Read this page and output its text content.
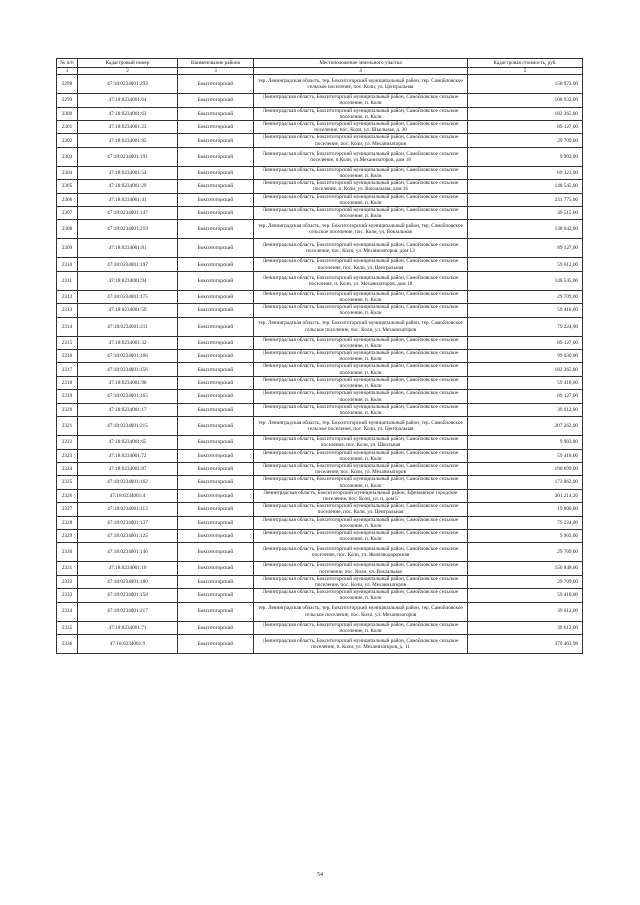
№ п/п	Кадастровый номер	Наименование района	Местоположение земельного участка	Кадастровая стоимость, руб.
1	2	3	4	5
2298	47:18:0234001:293	Бокситогорский	тер. Ленинградская область, тер. Бокситогорский муниципальный район, тер. Самойловское сельское поселение, пос. Коли, ул. Центральная	158 973,00
2299	47:18:0234001:64	Бокситогорский	Ленинградская область, Бокситогорский муниципальный район, Самойловское сельское поселение, п. Коли	108 933,00
2300	47:18:0234001:63	Бокситогорский	Ленинградская область, Бокситогорский муниципальный район, Самойловское сельское поселение, п. Коли	182 365,00
2301	47:18:0234001:23	Бокситогорский	Ленинградская область, Бокситогорский муниципальный район, Самойловское сельское поселение, пос. Коли, ул. Школьная, д. 30	89 127,00
2302	47:18:0234001:95	Бокситогорский	Ленинградская область, Бокситогорский муниципальный район, Самойловское сельское поселение, пос. Коли, ул. Механизаторов	29 709,00
2303	47:18:0234001:191	Бокситогорский	Ленинградская область, Бокситогорский муниципальный район, Самойловское сельское поселение, п.Коли, ул.Механизаторов, дом 18	9 903,00
2304	47:18:0234001:54	Бокситогорский	Ленинградская область, Бокситогорский муниципальный район, Самойловское сельское поселение, п. Коли	69 321,00
2305	47:18:0234001:29	Бокситогорский	Ленинградская область, Бокситогорский муниципальный район, Самойловское сельское поселение, п. Коли, ул. Вокзальная, дом 16	148 545,00
2306	47:18:0234001:41	Бокситогорский	Ленинградская область, Бокситогорский муниципальный район, Самойловское сельское поселение, п. Коли	231 775,00
2307	47:18:0234001:147	Бокситогорский	Ленинградская область, Бокситогорский муниципальный район, Самойловское сельское поселение, п. Коли	49 515,00
2308	47:18:0234001:219	Бокситогорский	тер. Ленинградская область, тер. Бокситогорский муниципальный район, тер. Самойловское сельское поселение, пос. Коли, ул. Вокзальная	138 642,00
2309	47:18:0234001:81	Бокситогорский	Ленинградская область, Бокситогорский муниципальный район, Самойловское сельское поселение, пос. Коли, ул. Механизаторов, дом 13	89 127,00
2310	47:18:0234001:197	Бокситогорский	Ленинградская область, Бокситогорский муниципальный район, Самойловское сельское поселение, пос. Коли, ул. Центральная	59 612,00
2311	47:18:0234001:94	Бокситогорский	Ленинградская область, Бокситогорский муниципальный район, Самойловское сельское поселение, п. Коли, ул. Механизаторов, дом 18	148 545,00
2312	47:18:0234001:175	Бокситогорский	Ленинградская область, Бокситогорский муниципальный район, Самойловское сельское поселение, п. Коли	29 709,00
2313	47:18:0234001:59	Бокситогорский	Ленинградская область, Бокситогорский муниципальный район, Самойловское сельское поселение, п. Коли	59 418,00
2314	47:18:0234001:211	Бокситогорский	тер. Ленинградская область, тер. Бокситогорский муниципальный район, тер. Самойловское сельское поселение, пос. Коли, ул. Механизаторов	79 224,00
2315	47:18:0234001:32	Бокситогорский	Ленинградская область, Бокситогорский муниципальный район, Самойловское сельское поселение, п. Коли	89 127,00
2316	47:18:0234001:166	Бокситогорский	Ленинградская область, Бокситогорский муниципальный район, Самойловское сельское поселение, п. Коли	99 030,00
2317	47:18:0234001:156	Бокситогорский	Ленинградская область, Бокситогорский муниципальный район, Самойловское сельское поселение, п. Коли	182 365,00
2318	47:18:0234001:98	Бокситогорский	Ленинградская область, Бокситогорский муниципальный район, Самойловское сельское поселение, п. Коли	59 418,00
2319	47:18:0234001:165	Бокситогорский	Ленинградская область, Бокситогорский муниципальный район, Самойловское сельское поселение, п. Коли	89 127,00
2320	47:18:0234001:17	Бокситогорский	Ленинградская область, Бокситогорский муниципальный район, Самойловское сельское поселение, п. Коли	39 612,00
2321	47:18:0234001:215	Бокситогорский	тер. Ленинградская область, тер. Бокситогорский муниципальный район, тер. Самойловское сельское поселение, пос. Коли, ул. Центральная	207 262,00
2322	47:18:0234001:65	Бокситогорский	Ленинградская область, Бокситогорский муниципальный район, Самойловское сельское поселение, пос. Коли, ул. Школьная	9 903,00
2323	47:18:0234001:72	Бокситогорский	Ленинградская область, Бокситогорский муниципальный район, Самойловское сельское поселение, п. Коли	59 418,00
2324	47:18:0234001:87	Бокситогорский	Ленинградская область, Бокситогорский муниципальный район, Самойловское сельское поселение, пос. Коли, ул. Механизаторов	190 699,00
2325	47:18:0234001:162	Бокситогорский	Ленинградская область, Бокситогорский муниципальный район, Самойловское сельское поселение, п. Коли	173 862,00
2326	47:18:0234001:4	Бокситогорский	Ленинградская область, Бокситогорский муниципальный район, Ефимовское городское поселение, пос. Коли, ул. н, дом 5	201 214,20
2327	47:18:0234001:113	Бокситогорский	Ленинградская область, Бокситогорский муниципальный район, Самойловское сельское поселение, пос. Коли, ул. Центральная	19 806,00
2328	47:18:0234001:137	Бокситогорский	Ленинградская область, Бокситогорский муниципальный район, Самойловское сельское поселение, п. Коли	79 224,00
2329	47:18:0234001:125	Бокситогорский	Ленинградская область, Бокситогорский муниципальный район, Самойловское сельское поселение, п. Коли	9 903,00
2330	47:18:0234001:146	Бокситогорский	Ленинградская область, Бокситогорский муниципальный район, Самойловское сельское поселение, пос. Коли, ул. Железнодорожная	29 709,00
2331	47:18:0234001:10	Бокситогорский	Ленинградская область, Бокситогорский муниципальный район, Самойловское сельское поселение, пос. Коли, ул. Вокзальная	156 848,00
2332	47:18:0234001:180	Бокситогорский	Ленинградская область, Бокситогорский муниципальный район, Самойловское сельское поселение, пос. Коли, ул. Механизаторов	29 709,00
2333	47:18:0234001:158	Бокситогорский	Ленинградская область, Бокситогорский муниципальный район, Самойловское сельское поселение, п. Коли	59 418,00
2334	47:18:0234001:217	Бокситогорский	тер. Ленинградская область, тер. Бокситогорский муниципальный район, тер. Самойловское сельское поселение, пос. Коли, ул. Механизаторов	39 612,00
2335	47:18:0234001:71	Бокситогорский	Ленинградская область, Бокситогорский муниципальный район, Самойловское сельское поселение, п. Коли	39 612,00
2336	47:18:0234001:9	Бокситогорский	Ленинградская область, Бокситогорский муниципальный район, Самойловское сельское поселение, п. Коли, ул. Механизаторов, д. 11	370 463,98
54
